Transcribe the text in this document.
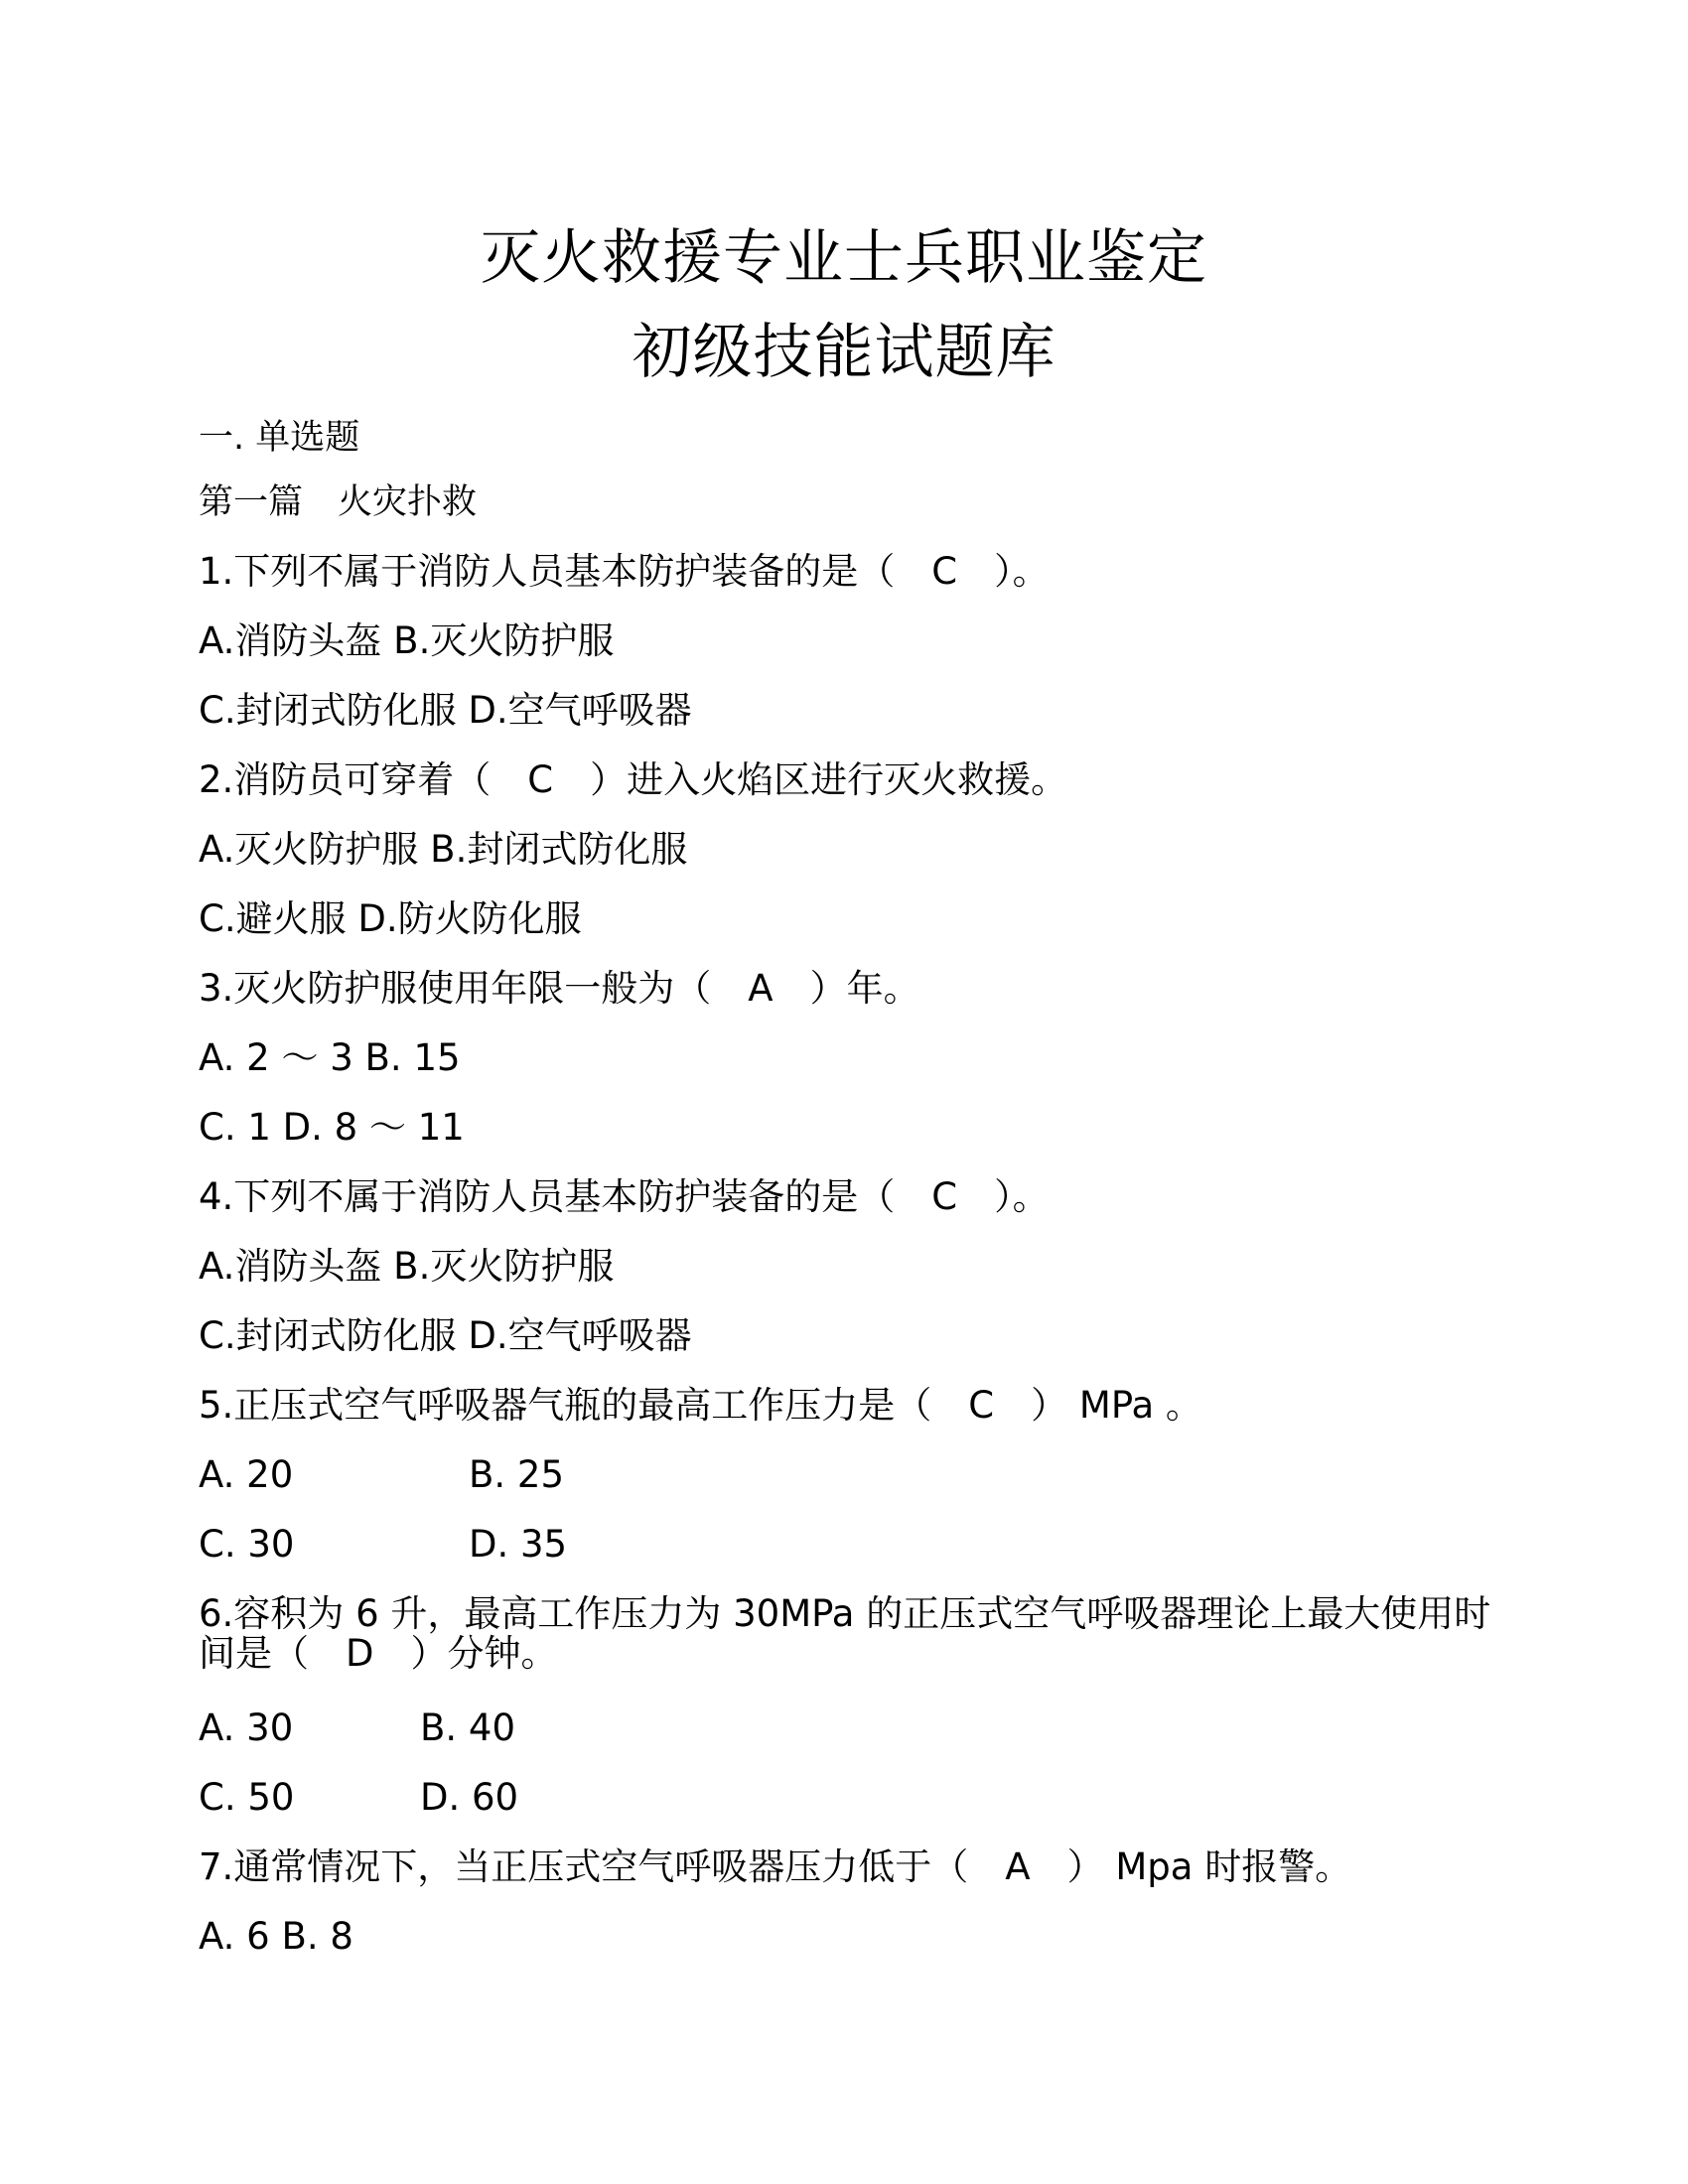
灭火救援专业士兵职业鉴定
初级技能试题库
一. 单选题
第一篇　火灾扑救
1.下列不属于消防人员基本防护装备的是（　C　）。
A.消防头盔 B.灭火防护服
C.封闭式防化服 D.空气呼吸器
2.消防员可穿着（　C　）进入火焰区进行灭火救援。
A.灭火防护服 B.封闭式防化服
C.避火服 D.防火防化服
3.灭火防护服使用年限一般为（　A　）年。
A. 2 ～ 3 B. 15
C. 1 D. 8 ～ 11
4.下列不属于消防人员基本防护装备的是（　C　）。
A.消防头盔 B.灭火防护服
C.封闭式防化服 D.空气呼吸器
5.正压式空气呼吸器气瓶的最高工作压力是（　C　） MPa 。
A. 20	B. 25
C. 30	D. 35
6.容积为 6 升，最高工作压力为 30MPa 的正压式空气呼吸器理论上最大使用时间是（　D　）分钟。
A. 30	B. 40
C. 50	D. 60
7.通常情况下，当正压式空气呼吸器压力低于（　A　） Mpa 时报警。
A. 6 B. 8
